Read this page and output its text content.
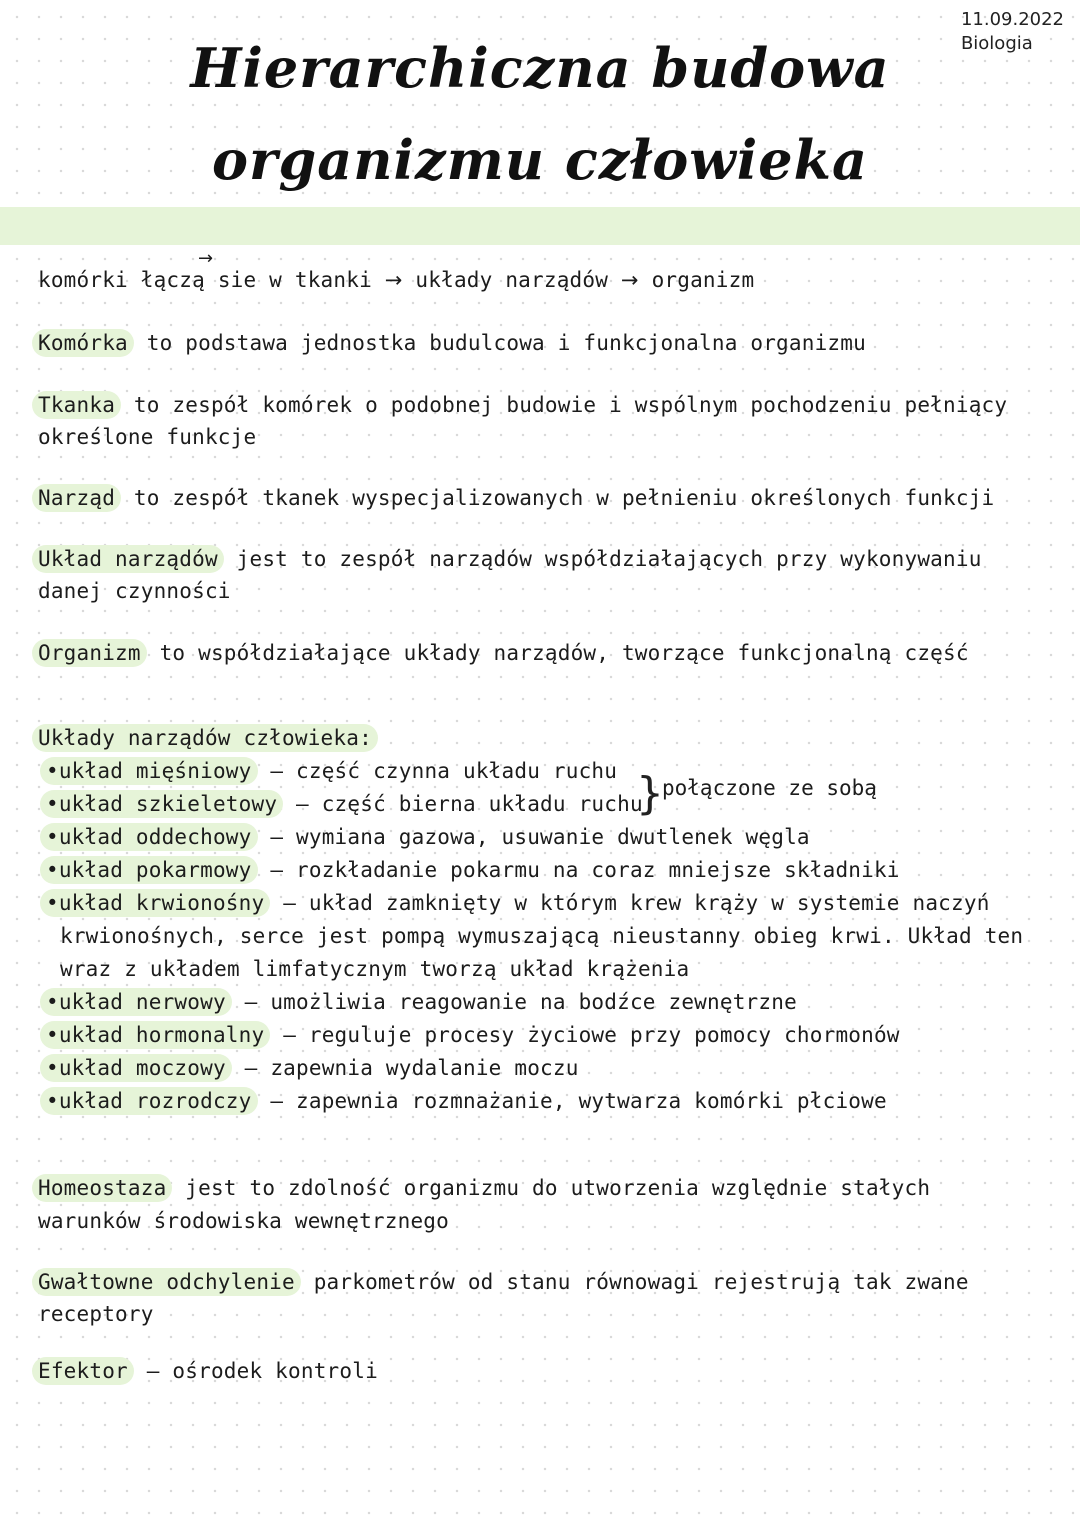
11.09.2022
Biologia
Hierarchiczna budowa
organizmu człowieka
→
komórki łączą sie w tkanki → układy narządów → organizm
Komórka to podstawa jednostka budulcowa i funkcjonalna organizmu
Tkanka to zespół komórek o podobnej budowie i wspólnym pochodzeniu pełniący
określone funkcje
Narząd to zespół tkanek wyspecjalizowanych w pełnieniu określonych funkcji
Układ narządów jest to zespół narządów współdziałających przy wykonywaniu
danej czynności
Organizm to współdziałające układy narządów, tworzące funkcjonalną część
Układy narządów człowieka:
•układ mięśniowy – część czynna układu ruchu
•układ szkieletowy – część bierna układu ruchu
}
połączone ze sobą
•układ oddechowy – wymiana gazowa, usuwanie dwutlenek węgla
•układ pokarmowy – rozkładanie pokarmu na coraz mniejsze składniki
•układ krwionośny – układ zamknięty w którym krew krąży w systemie naczyń
krwionośnych, serce jest pompą wymuszającą nieustanny obieg krwi. Układ ten
wraz z układem limfatycznym tworzą układ krążenia
•układ nerwowy – umożliwia reagowanie na bodźce zewnętrzne
•układ hormonalny – reguluje procesy życiowe przy pomocy chormonów
•układ moczowy – zapewnia wydalanie moczu
•układ rozrodczy – zapewnia rozmnażanie, wytwarza komórki płciowe
Homeostaza jest to zdolność organizmu do utworzenia względnie stałych
warunków środowiska wewnętrznego
Gwałtowne odchylenie parkometrów od stanu równowagi rejestrują tak zwane
receptory
Efektor – ośrodek kontroli
